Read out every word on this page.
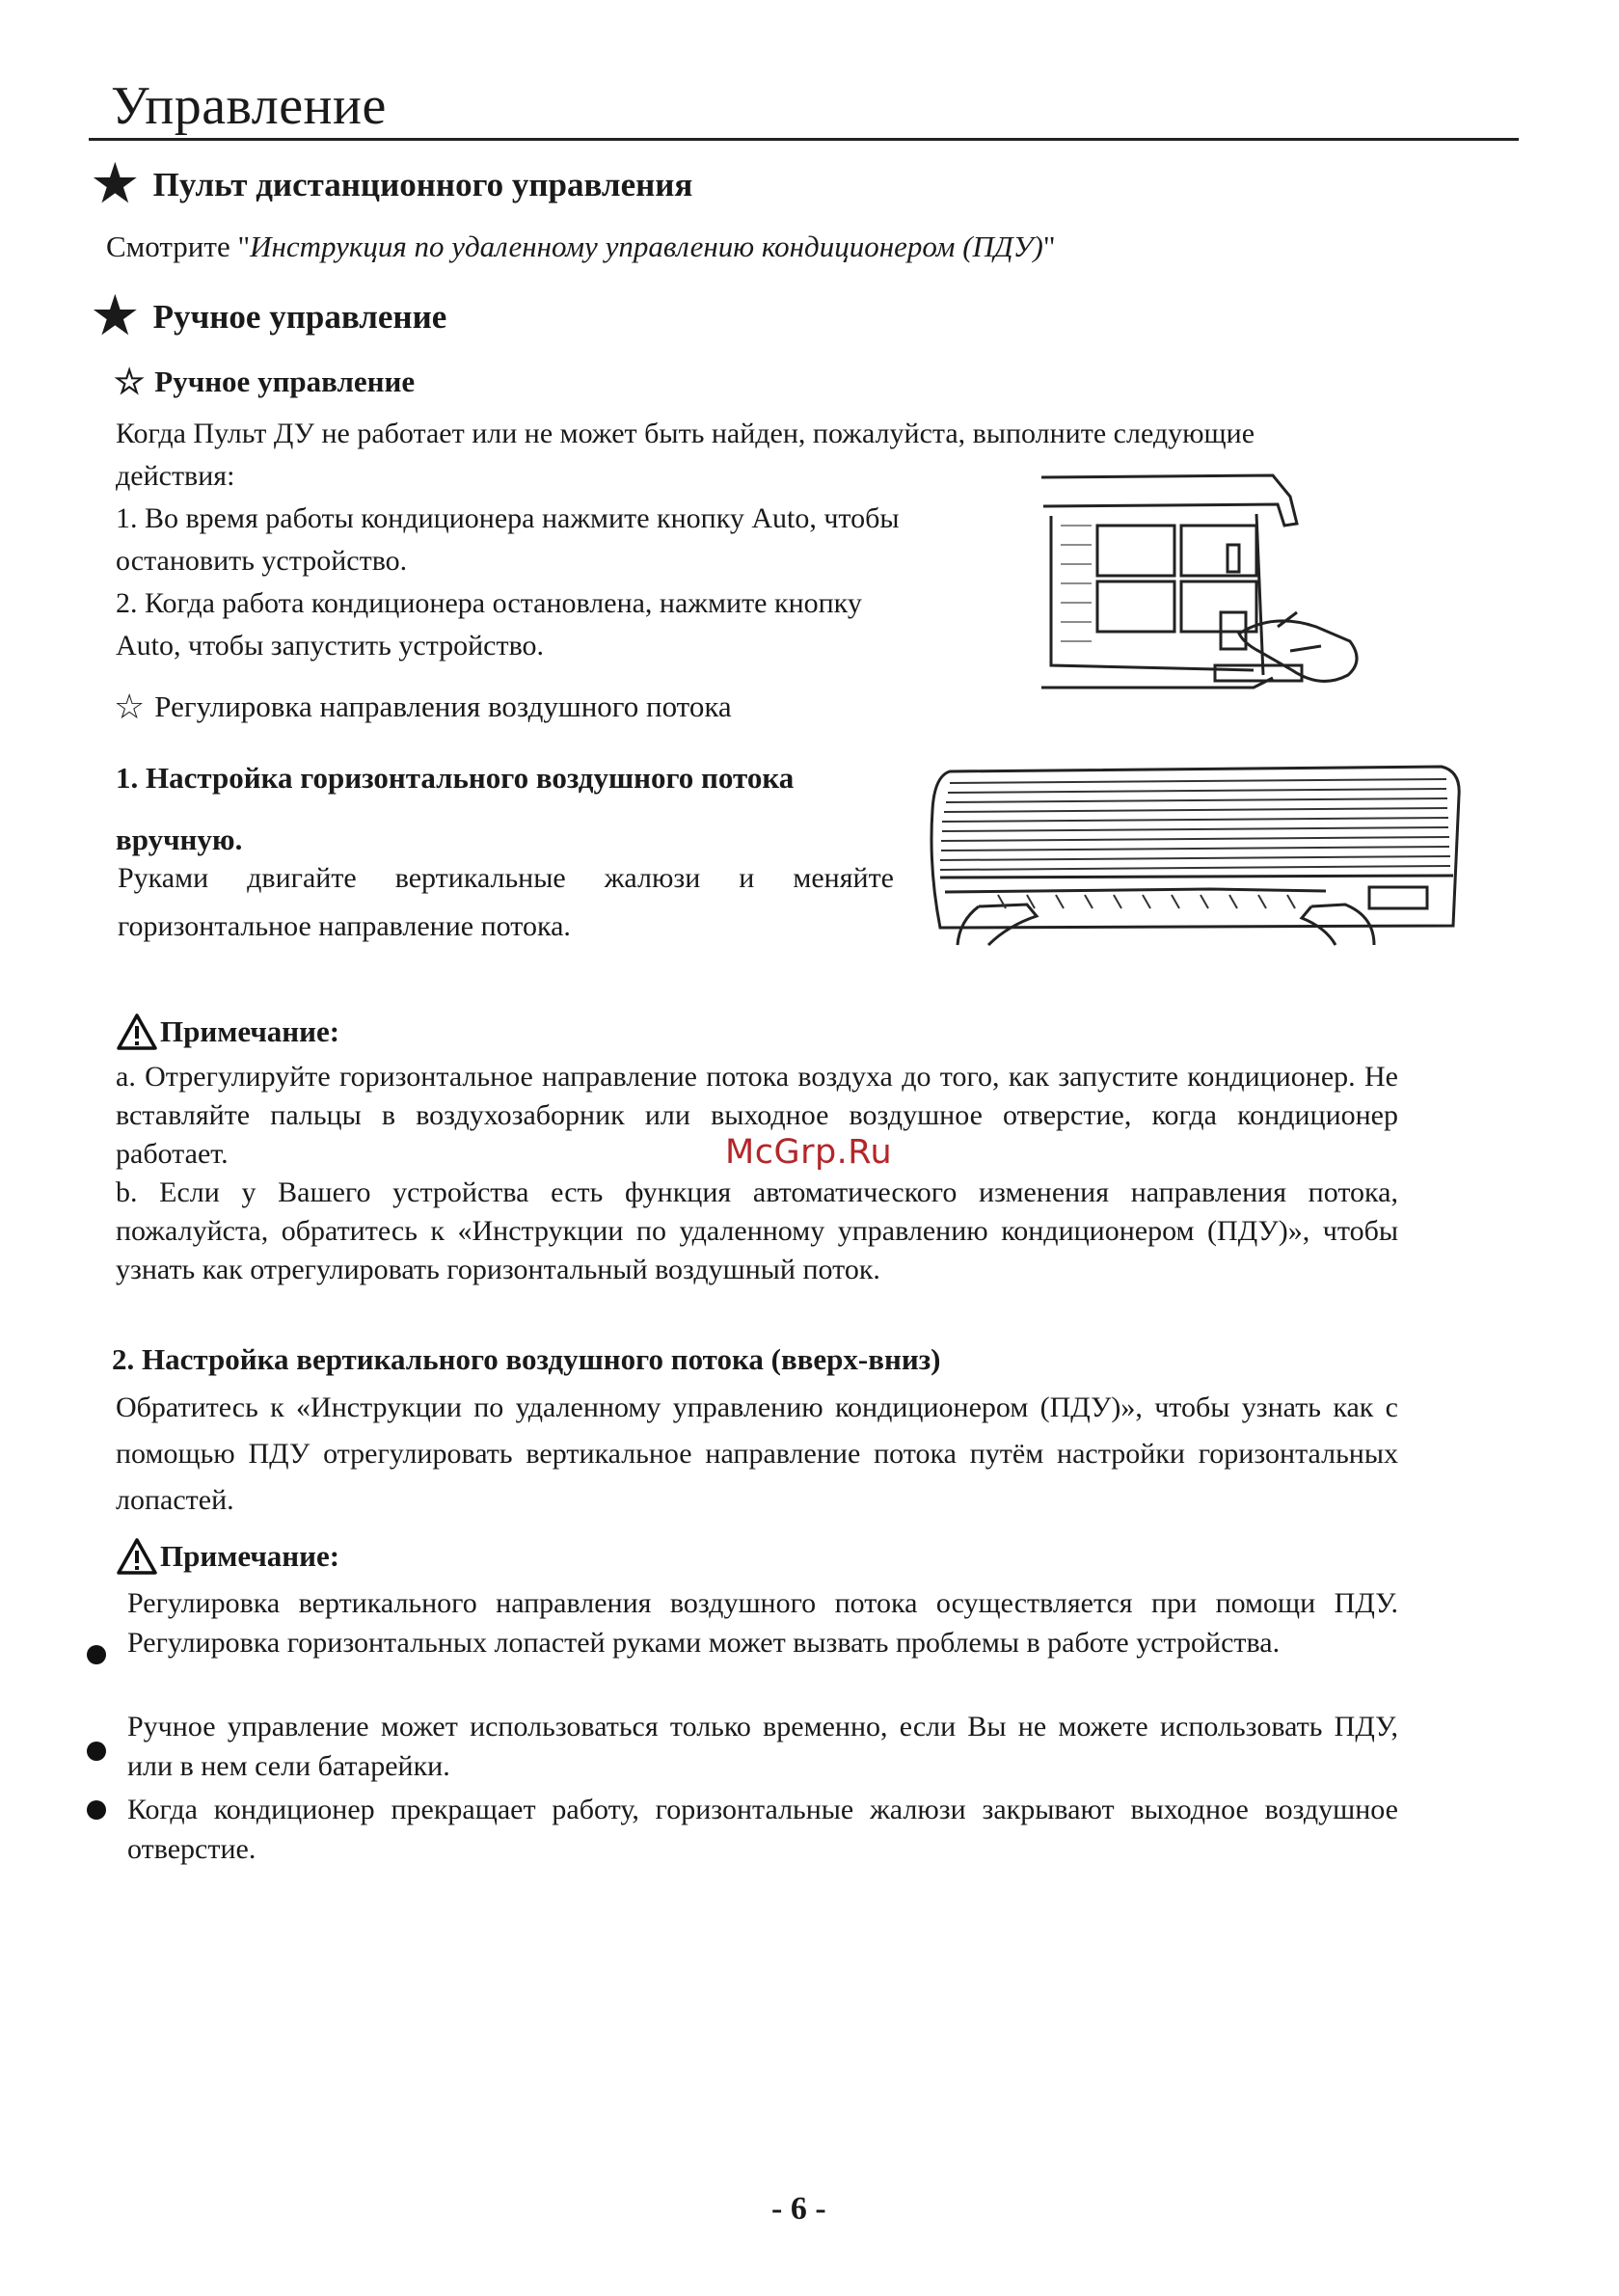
Управление
★ Пульт дистанционного управления
Смотрите "Инструкция по удаленному управлению кондиционером (ПДУ)"
★ Ручное управление
☆ Ручное управление
Когда Пульт ДУ не работает или не может быть найден, пожалуйста, выполните следующие действия:
1. Во время работы кондиционера нажмите кнопку Auto, чтобы остановить устройство.
2. Когда работа кондиционера остановлена, нажмите кнопку Auto, чтобы запустить устройство.
☆ Регулировка направления воздушного потока
1. Настройка горизонтального воздушного потока вручную.
Руками двигайте вертикальные жалюзи и меняйте горизонтальное направление потока.
Примечание:
a. Отрегулируйте горизонтальное направление потока воздуха до того, как запустите кондиционер. Не вставляйте пальцы в воздухозаборник или выходное воздушное отверстие, когда кондиционер работает.
b. Если у Вашего устройства есть функция автоматического изменения направления потока, пожалуйста, обратитесь к «Инструкции по удаленному управлению кондиционером (ПДУ)», чтобы узнать как отрегулировать горизонтальный воздушный поток.
McGrp.Ru
2. Настройка вертикального воздушного потока (вверх-вниз)
Обратитесь к «Инструкции по удаленному управлению кондиционером (ПДУ)», чтобы узнать как с помощью ПДУ отрегулировать вертикальное направление потока путём настройки горизонтальных лопастей.
Примечание:
Регулировка вертикального направления воздушного потока осуществляется при помощи ПДУ. Регулировка горизонтальных лопастей руками может вызвать проблемы в работе устройства.
Ручное управление может использоваться только временно, если Вы не можете использовать ПДУ, или в нем сели батарейки.
Когда кондиционер прекращает работу, горизонтальные жалюзи закрывают выходное воздушное отверстие.
- 6 -
